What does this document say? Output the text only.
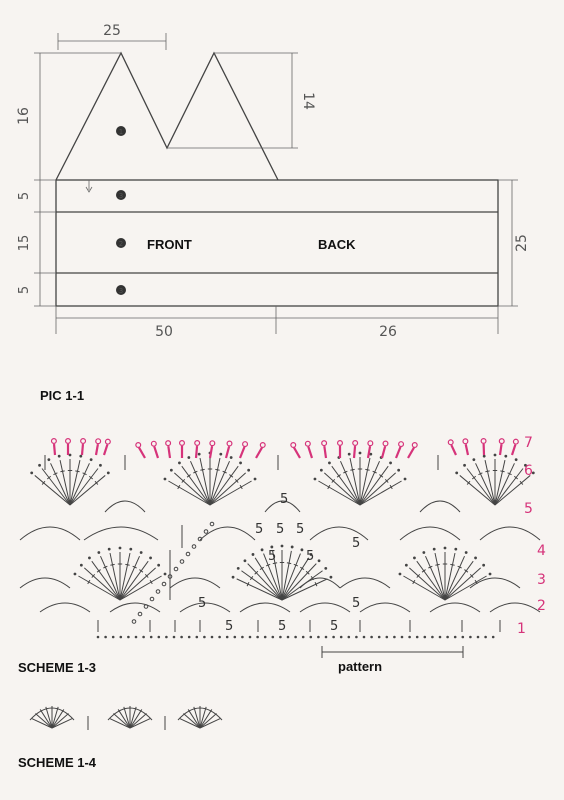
1
3
2
3
FRONT	BACK
25
14
16
5
15
5
25
50	26
PIC 1-1
1
2
3
4
5
6
7
5
5 5 5
5 5
5
5	5
5	5	5
pattern
SCHEME 1-3
SCHEME 1-4
